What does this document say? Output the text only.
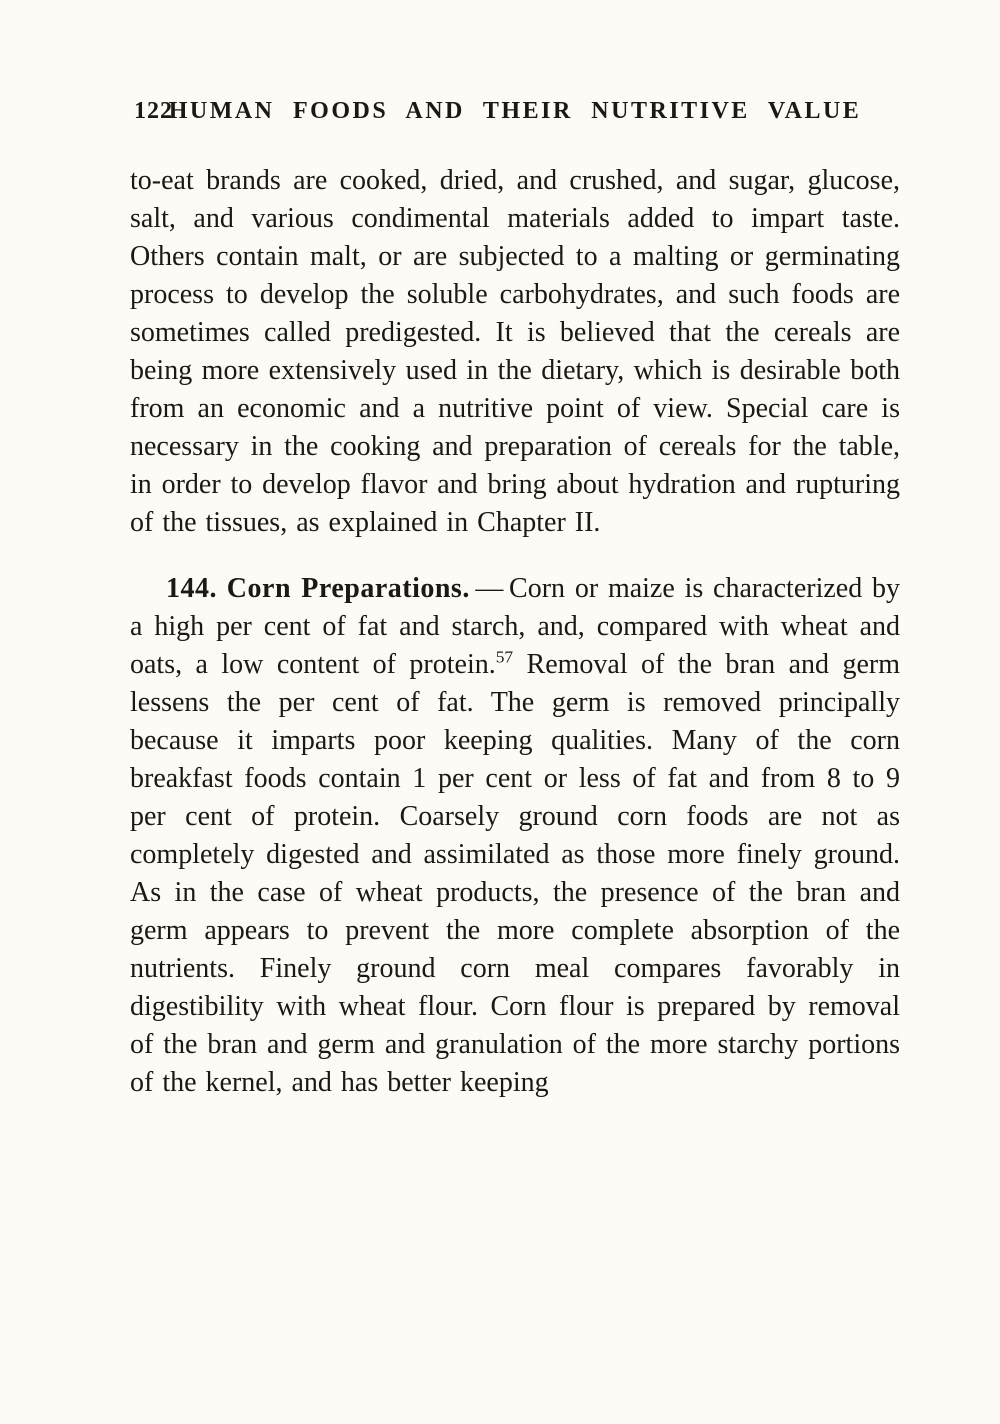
122
HUMAN FOODS AND THEIR NUTRITIVE VALUE

to-eat brands are cooked, dried, and crushed, and sugar, glucose, salt, and various condimental materials added to impart taste. Others contain malt, or are subjected to a malting or germinating process to develop the soluble carbohydrates, and such foods are sometimes called predigested. It is believed that the cereals are being more extensively used in the dietary, which is desirable both from an economic and a nutritive point of view. Special care is necessary in the cooking and preparation of cereals for the table, in order to develop flavor and bring about hydration and rupturing of the tissues, as explained in Chapter II.

144. Corn Preparations. — Corn or maize is characterized by a high per cent of fat and starch, and, compared with wheat and oats, a low content of protein.$^{57}$ Removal of the bran and germ lessens the per cent of fat. The germ is removed principally because it imparts poor keeping qualities. Many of the corn breakfast foods contain 1 per cent or less of fat and from 8 to 9 per cent of protein. Coarsely ground corn foods are not as completely digested and assimilated as those more finely ground. As in the case of wheat products, the presence of the bran and germ appears to prevent the more complete absorption of the nutrients. Finely ground corn meal compares favorably in digestibility with wheat flour. Corn flour is prepared by removal of the bran and germ and granulation of the more starchy portions of the kernel, and has better keeping
